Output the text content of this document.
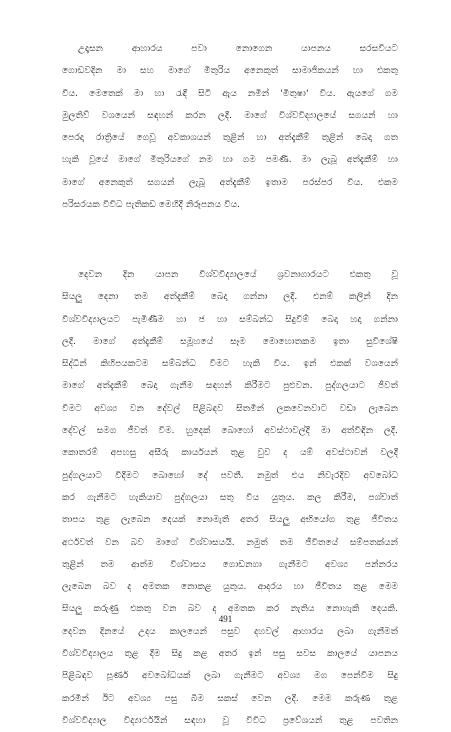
උදෑසන ආහාරය පවා නොගෙන යාපනය සරසවියට
ගොඩවදින මා සහ මාගේ මිතුරිය අනෙකුත් සාමාජිකයන් හා එකතු
විය. මෙතෙක් මා හා රැඳී සිටි ඇය නමින් 'මිතුෂා' විය. ඇයගේ ගම
මුලතිව් වශයෙන් සඳහන් කරන ලදී. මාගේ විශ්වවිද්‍යාලයේ සගයන් හා
පෙරදා රාත්‍රියේ ගෙවූ අවකාශයන් තුළින් හා අත්දැකීම් තුළින් බෙදා ගත
හැකි වූයේ මාගේ මිතුරියගේ නම හා ගම පමණි. මා ලැබූ අත්දැකීම් හා
මාගේ අනෙකුත් සගයන් ලැබූ අත්දැකීම් ඉතාම පරස්පර විය. එකම
පරිසරයක විවිධ පැතිකඩ මෙහිදී නිරූපනය විය.
දෙවන දින යාපන විශ්වවිද්‍යාලයේ ශ්‍රවනාගාරයට එකතු වූ
සියලු දෙනා තම අත්දැකීම් බෙදා ගන්නා ලදී. එනම් කලින් දින
විශ්වවිද්‍යාලයට පැමිණීම හා ජ හා සම්බන්ධ සිදුවීම් බෙදා හදා ගන්නා
ලදී. මාගේ අත්දැකීම් සමූහයේ සෑම මොහොතකම ඉතා සුවිශේෂි
සිද්ධීන් කිහිපයකටම සම්බන්ධ වීමට හැකි විය. ඉන් එකක් වශයෙන්
මාගේ අත්දැකීම් බෙදා ගැනීම සඳහන් කිරීමට පුළුවන. පුද්ගලයාට ජීවත්
වීමට අවශ්‍ය වන දේවල් පිළිබඳව සිතමින් ලකවෙනවාට වඩා ලැබෙන
දේවල් සමග ජීවත් වීම. හුදෙක් බොහෝ අවස්ථාවල්දී මා අත්විඳින ලදී.
කොතරම් අපහසු අසීරු කාර්යයන් තුළ වුව ද යම් අවස්ථාවන් වලදී
පුද්ගලයාට විදීමට බොහෝ දේ පවතී. නමුත් එය නිවැරදිව අවබෝධ
කර ගැනීමට හැකියාව පුද්ගලයා සතු විය යුතුය. කල කිරීම, පශ්චාත්
තාපය තුළ ලැබෙන දෙයක් නොමැති අතර සියලු අභියෝග තුළ ජීවිතය
අර්ථවත් වන බව මාගේ විශ්වාසයයි. නමුත් තම ජීවිතයේ සම්පතක්යන්
තුළින් තම ආත්ම විශ්වාසය ගොඩනගා ගැනීමට අවශ්‍ය පන්නරය
ලැබෙන බව ද අමතක නොකළ යුතුය. ආදරය හා ජීවිතය තුළ මෙම
සියලු කරුණු එකතු වන බව ද අමතක කර නැතිය නොහැකි දෙයකි.
දෙවන දිනයේ උදය කාලයෙන් පසුව දහවල් ආහාරය ලබා ගැනීමත්
විශ්වවිද්‍යාලය තුළ දීම සිදු කළ අතර ඉන් පසු සවස කාලයේ යාපනය
පිළිබඳව පූර්ණ අවබෝධයක් ලබා ගැනීමට අවශ්‍ය මග පෙන්වීම සිදු
කරමින් ඊට අවශ්‍ය පසු බිම සකස් වෙන ලදී. මෙම කරුණ තුළ
විශ්වවිද්‍යාල විද්‍යාර්ථයින් සඳහා වූ විවිධ ප්‍රවේශයන් තුළ පවතින
491
